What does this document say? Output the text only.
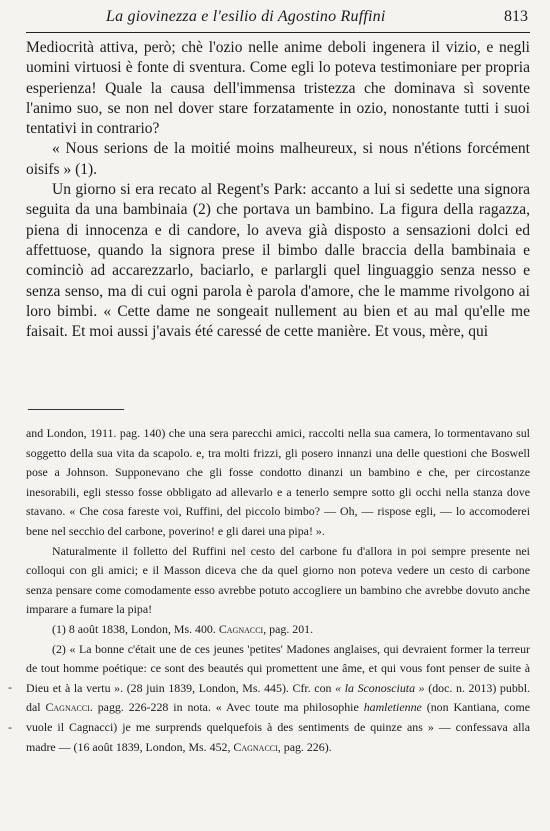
La giovinezza e l'esilio di Agostino Ruffini	813

Mediocrità attiva, però; chè l'ozio nelle anime deboli ingenera il vizio, e negli uomini virtuosi è fonte di sventura. Come egli lo poteva testimoniare per propria esperienza! Quale la causa dell'immensa tristezza che dominava sì sovente l'animo suo, se non nel dover stare forzatamente in ozio, nonostante tutti i suoi tentativi in contrario?

« Nous serions de la moitié moins malheureux, si nous n'étions forcément oisifs » (1).

Un giorno si era recato al Regent's Park: accanto a lui si sedette una signora seguita da una bambinaia (2) che portava un bambino. La figura della ragazza, piena di innocenza e di candore, lo aveva già disposto a sensazioni dolci ed affettuose, quando la signora prese il bimbo dalle braccia della bambinaia e cominciò ad accarezzarlo, baciarlo, e parlargli quel linguaggio senza nesso e senza senso, ma di cui ogni parola è parola d'amore, che le mamme rivolgono ai loro bimbi. « Cette dame ne songeait nullement au bien et au mal qu'elle me faisait. Et moi aussi j'avais été caressé de cette manière. Et vous, mère, qui

and London, 1911. pag. 140) che una sera parecchi amici, raccolti nella sua camera, lo tormentavano sul soggetto della sua vita da scapolo. e, tra molti frizzi, gli posero innanzi una delle questioni che Boswell pose a Johnson. Supponevano che gli fosse condotto dinanzi un bambino e che, per circostanze inesorabili, egli stesso fosse obbligato ad allevarlo e a tenerlo sempre sotto gli occhi nella stanza dove stavano. « Che cosa fareste voi, Ruffini, del piccolo bimbo? — Oh, — rispose egli, — lo accomoderei bene nel secchio del carbone, poverino! e gli darei una pipa! ».

Naturalmente il folletto del Ruffini nel cesto del carbone fu d'allora in poi sempre presente nei colloqui con gli amici; e il Masson diceva che da quel giorno non poteva vedere un cesto di carbone senza pensare come comodamente esso avrebbe potuto accogliere un bambino che avrebbe dovuto anche imparare a fumare la pipa!

(1) 8 août 1838, London, Ms. 400. Cagnacci, pag. 201.

(2) « La bonne c'était une de ces jeunes 'petites' Madones anglaises, qui devraient former la terreur de tout homme poétique: ce sont des beautés qui promettent une âme, et qui vous font penser de suite à Dieu et à la vertu ». (28 juin 1839, London, Ms. 445). Cfr. con « la Sconosciuta » (doc. n. 2013) pubbl. dal Cagnacci. pagg. 226-228 in nota. « Avec toute ma philosophie hamletienne (non Kantiana, come vuole il Cagnacci) je me surprends quelquefois à des sentiments de quinze ans » — confessava alla madre — (16 août 1839, London, Ms. 452, Cagnacci, pag. 226).

-
-
